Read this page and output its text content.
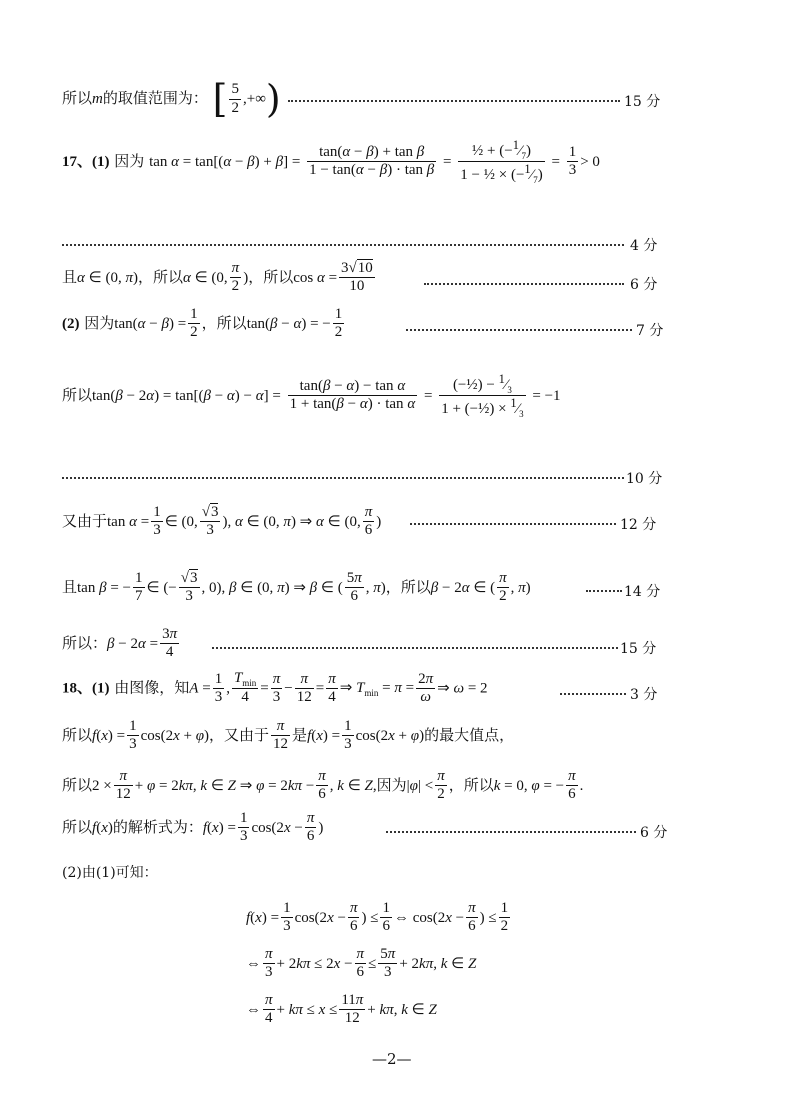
所以m的取值范围为： [ $\frac{5}{2}$ ,+∞)	15 分
17、(1) 因为 $\tan \alpha = \tan[(\alpha - \beta) + \beta] = \frac{\text{tan(α − β) + tan β}}{\text{1 − tan(α − β) · tan β}} = \frac{\frac{1}{2} + (-^1⁄_7)}{1 - \frac{1}{2} \times (-^1⁄_7)} = \frac{1}{3} > 0$
4 分
且α ∈ (0, π)，所以α ∈ (0, $\frac{\pi}{2}$ )，所以$\cos \alpha = \frac{3√10}{10}$	6 分
(2) 因为$\tan(\alpha - \beta) = \frac{1}{2}$ ，所以tan(β − α) = − $\frac{1}{2}$	7 分
所以$\tan(\beta - 2\alpha) = \tan[(\beta - \alpha) - \alpha] = \frac{\text{tan(β − α) − tan α}}{\text{1 + tan(β − α) · tan α}} = \frac{(-\frac{1}{2}) - ^1⁄_3}{1 + (-\frac{1}{2}) \times ^1⁄_3} = -1$
10 分
又由于$\tan \alpha = \frac{1}{3}$ ∈ (0, $\frac{√3}{3}$ ), α ∈ (0, π) ⇒ α ∈ (0, $\frac{\pi}{6}$ )	12 分
且tan β = − $\frac{1}{7}$ ∈ (− $\frac{√3}{3}$ , 0), β ∈ (0, π) ⇒ β ∈ ( $\frac{5\pi}{6}$ , π)，所以β − 2α ∈ ( $\frac{\pi}{2}$ , π)	14 分
所以：$\beta - 2\alpha = \frac{3\pi}{4}$	15 分
18、(1) 由图像，知$A = \frac{1}{3}$ , $\frac{T_{min}}{4} = \frac{\pi}{3} - \frac{\pi}{12} = \frac{\pi}{4}$ ⇒ $T_{min} = \pi = \frac{2\pi}{\omega}$ ⇒ ω = 2	3 分
所以$f(x) = \frac{1}{3} \cos(2x + \varphi)$，又由于 $\frac{\pi}{12}$ 是$f(x) = \frac{1}{3} \cos(2x + \varphi)$的最大值点，
所以$2 \times \frac{\pi}{12} + \varphi = 2k\pi$, k ∈ Z ⇒ $\varphi = 2k\pi - \frac{\pi}{6}$ , k ∈ Z,因为$|\varphi| < \frac{\pi}{2}$ ，所以k = 0, φ = − $\frac{\pi}{6}$ .
所以f(x)的解析式为：$f(x) = \frac{1}{3} \cos(2x - \frac{\pi}{6}$ )	6 分
(2)由(1)可知：
$f(x) = \frac{1}{3} \cos(2x - \frac{\pi}{6}$ ) ≤ $\frac{1}{6}$ ⇔ $\cos(2x - \frac{\pi}{6}$ ) ≤ $\frac{1}{2}$
⇔ $\frac{\pi}{3} + 2k\pi \le 2x - \frac{\pi}{6} \le \frac{5\pi}{3} + 2k\pi$, k ∈ Z
⇔ $\frac{\pi}{4} + k\pi \le x \le \frac{11\pi}{12} + k\pi$, k ∈ Z
—2—
